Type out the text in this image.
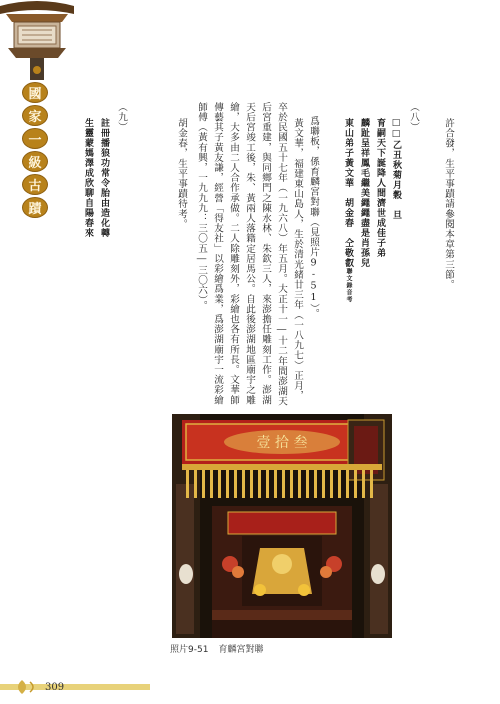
國
家
一
級
古
蹟	許合發，生平事蹟請參閱本章第三節。
（八）
□□乙丑秋菊月穀　旦
育嗣天下誕降人間濟世成佳子弟
麟趾呈祥鳳毛繼美繩繩盡是肖孫兒
東山弟子黃文華　胡金春　仝敬叡聯文錄音考
爲聯板，係育麟宮對聯（見照片9-51）。
黃文華，福建東山島人，生於清光緒廿三年（一八九七）正月，
卒於民國五十七年（一九六八）年五月。大正十一―十二年間澎湖天
后宮重建，與同鄉門之陳水林、朱欽三人，來澎擔任雕刻工作。澎湖
天后宮竣工後，朱、黃兩人落籍定居馬公。自此後澎湖地區廟宇之雕
繪，大多由二人合作承做。二人除雕刻外，彩繪也各有所長。文華師
傳藝其子黃友謙，經營「得友社」以彩繪爲業，爲澎湖廟宇一流彩繪
師傅（黃有興，一九九九：三〇五―三〇六）。
胡金春，生平事蹟待考。
（九）
註冊播狼功常令胎由造化轉
生靈蒙媽澤成欣聊自陽春來
壹 拾 叁
照片9-51 育麟宮對聯
309
